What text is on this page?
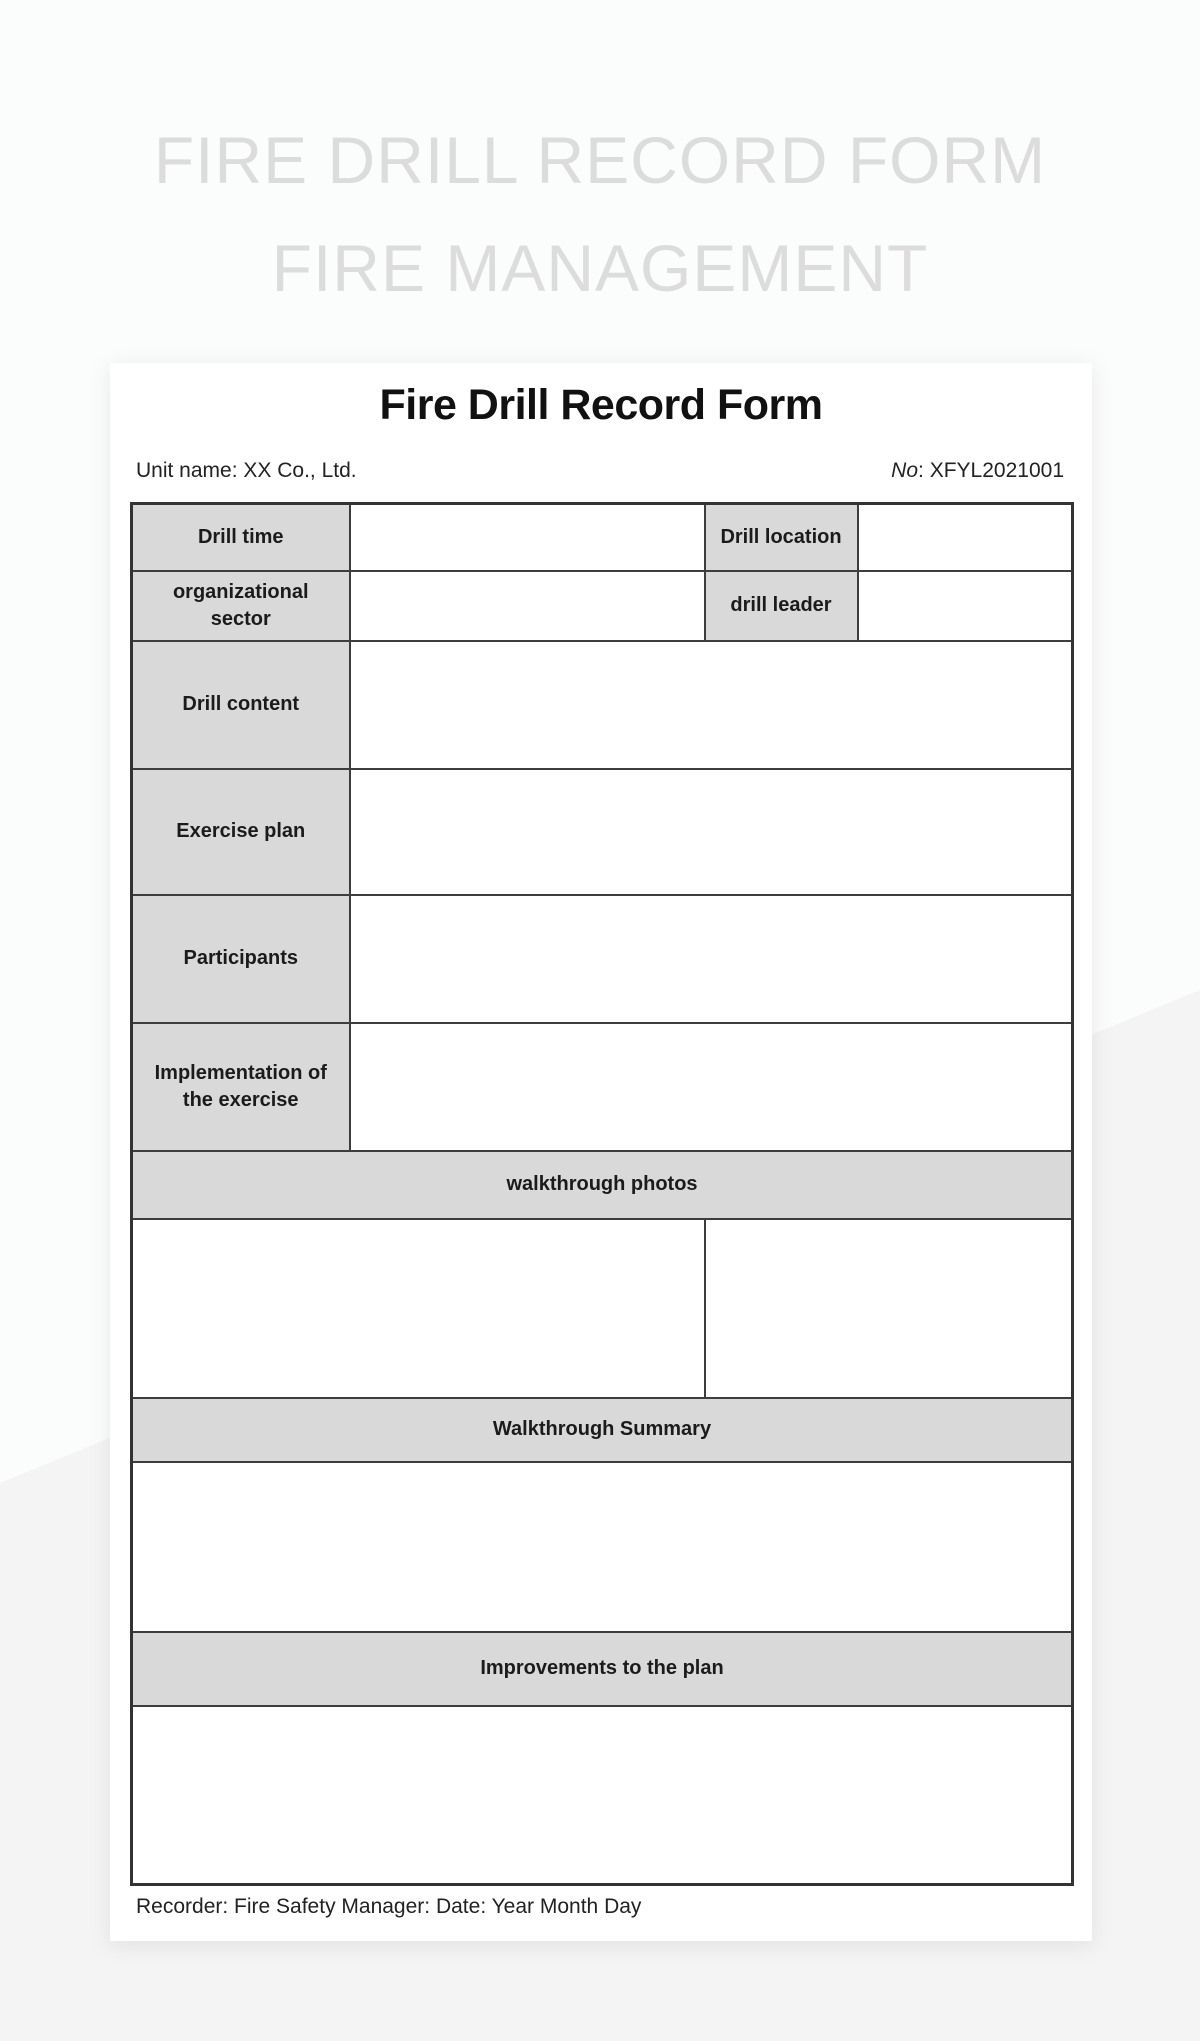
FIRE DRILL RECORD FORM
FIRE MANAGEMENT
Fire Drill Record Form
Unit name: XX Co., Ltd.	No: XFYL2021001
Drill time		Drill location	
organizational sector		drill leader	
Drill content			
Exercise plan			
Participants			
Implementation of the exercise			
walkthrough photos			

Walkthrough Summary			

Improvements to the plan			

Recorder: Fire Safety Manager: Date: Year Month Day
